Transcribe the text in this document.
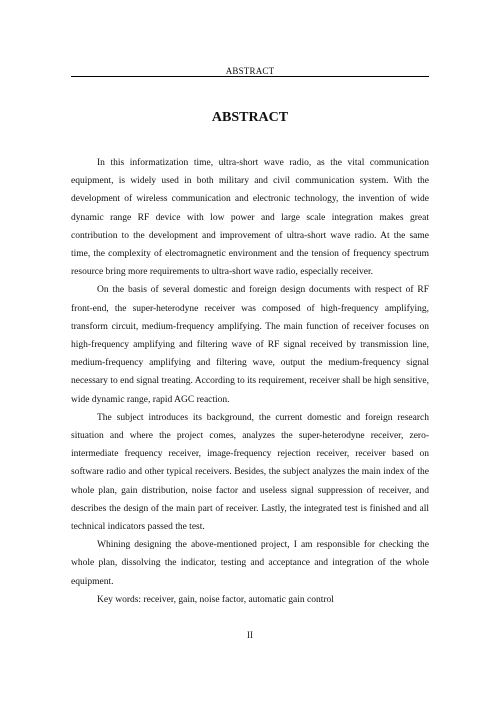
ABSTRACT
ABSTRACT

In this informatization time, ultra-short wave radio, as the vital communication equipment, is widely used in both military and civil communication system. With the development of wireless communication and electronic technology, the invention of wide dynamic range RF device with low power and large scale integration makes great contribution to the development and improvement of ultra-short wave radio. At the same time, the complexity of electromagnetic environment and the tension of frequency spectrum resource bring more requirements to ultra-short wave radio, especially receiver.

On the basis of several domestic and foreign design documents with respect of RF front-end, the super-heterodyne receiver was composed of high-frequency amplifying, transform circuit, medium-frequency amplifying. The main function of receiver focuses on high-frequency amplifying and filtering wave of RF signal received by transmission line, medium-frequency amplifying and filtering wave, output the medium-frequency signal necessary to end signal treating. According to its requirement, receiver shall be high sensitive, wide dynamic range, rapid AGC reaction.

The subject introduces its background, the current domestic and foreign research situation and where the project comes, analyzes the super-heterodyne receiver, zero-intermediate frequency receiver, image-frequency rejection receiver, receiver based on software radio and other typical receivers. Besides, the subject analyzes the main index of the whole plan, gain distribution, noise factor and useless signal suppression of receiver, and describes the design of the main part of receiver. Lastly, the integrated test is finished and all technical indicators passed the test.

Whining designing the above-mentioned project, I am responsible for checking the whole plan, dissolving the indicator, testing and acceptance and integration of the whole equipment.

Key words: receiver, gain, noise factor, automatic gain control

II
